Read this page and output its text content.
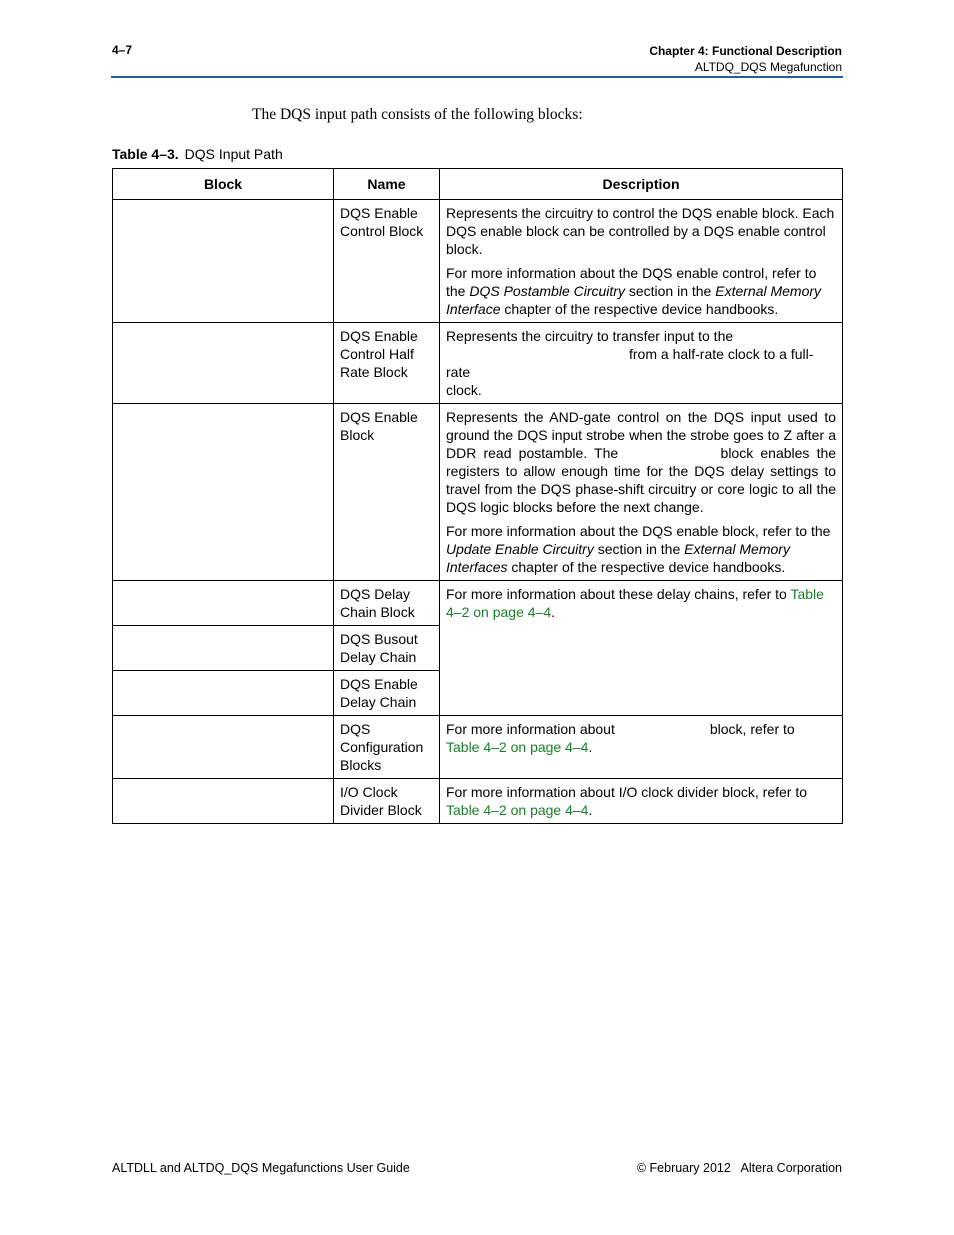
4–7	Chapter 4: Functional Description
ALTDQ_DQS Megafunction
The DQS input path consists of the following blocks:
Table 4–3. DQS Input Path
Block	Name	Description
	DQS Enable Control Block	Represents the circuitry to control the DQS enable block. Each DQS enable block can be controlled by a DQS enable control block.

For more information about the DQS enable control, refer to the DQS Postamble Circuitry section in the External Memory Interface chapter of the respective device handbooks.

	DQS Enable Control Half Rate Block	Represents the circuitry to transfer input to the
from a half-rate clock to a full-rate
clock.

	DQS Enable Block	Represents the AND-gate control on the DQS input used to ground the DQS input strobe when the strobe goes to Z after a DDR read postamble. The block enables the registers to allow enough time for the DQS delay settings to travel from the DQS phase-shift circuitry or core logic to all the DQS logic blocks before the next change.

For more information about the DQS enable block, refer to the Update Enable Circuitry section in the External Memory Interfaces chapter of the respective device handbooks.

	DQS Delay Chain Block	For more information about these delay chains, refer to Table 4–2 on page 4–4.
	DQS Busout Delay Chain	
	DQS Enable Delay Chain	
	DQS Configuration Blocks	For more information about block, refer to
Table 4–2 on page 4–4.
	I/O Clock Divider Block	For more information about I/O clock divider block, refer to
Table 4–2 on page 4–4.
ALTDLL and ALTDQ_DQS Megafunctions User Guide	© February 2012   Altera Corporation
